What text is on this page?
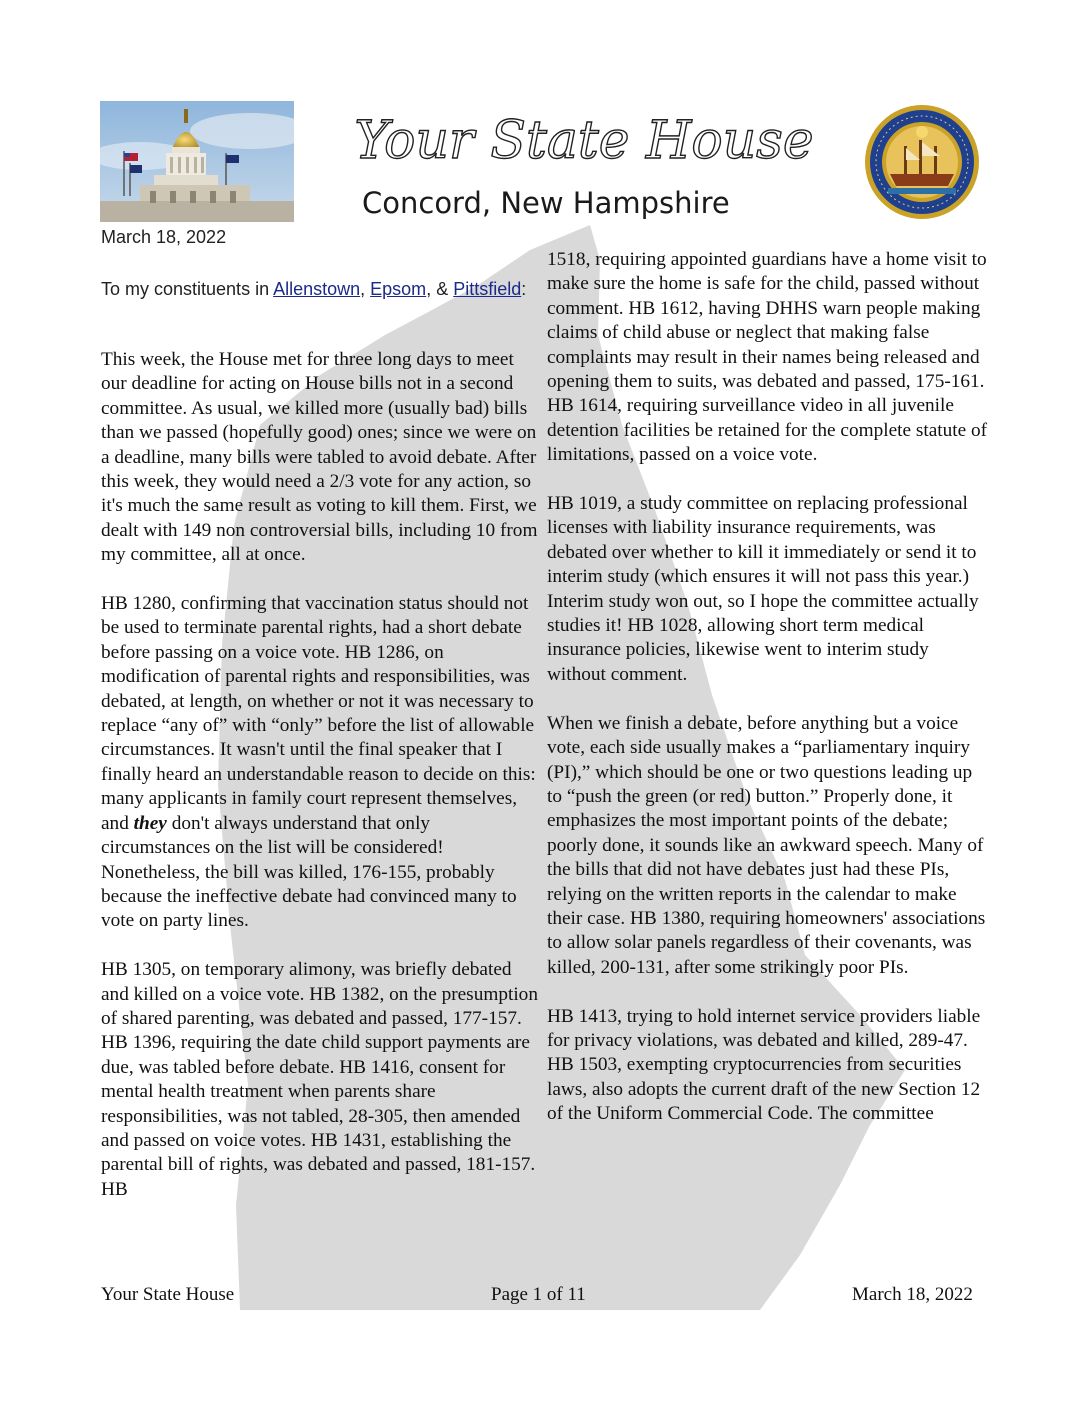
Your State House
Concord, New Hampshire
March 18, 2022
To my constituents in Allenstown, Epsom, & Pittsfield:

This week, the House met for three long days to meet our deadline for acting on House bills not in a second committee. As usual, we killed more (usually bad) bills than we passed (hopefully good) ones; since we were on a deadline, many bills were tabled to avoid debate. After this week, they would need a 2/3 vote for any action, so it's much the same result as voting to kill them. First, we dealt with 149 non controversial bills, including 10 from my committee, all at once.

HB 1280, confirming that vaccination status should not be used to terminate parental rights, had a short debate before passing on a voice vote. HB 1286, on modification of parental rights and responsibilities, was debated, at length, on whether or not it was necessary to replace “any of” with “only” before the list of allowable circumstances. It wasn't until the final speaker that I finally heard an understandable reason to decide on this: many applicants in family court represent themselves, and they don't always understand that only circumstances on the list will be considered! Nonetheless, the bill was killed, 176-155, probably because the ineffective debate had convinced many to vote on party lines.

HB 1305, on temporary alimony, was briefly debated and killed on a voice vote. HB 1382, on the presumption of shared parenting, was debated and passed, 177-157. HB 1396, requiring the date child support payments are due, was tabled before debate. HB 1416, consent for mental health treatment when parents share responsibilities, was not tabled, 28-305, then amended and passed on voice votes. HB 1431, establishing the parental bill of rights, was debated and passed, 181-157. HB

1518, requiring appointed guardians have a home visit to make sure the home is safe for the child, passed without comment. HB 1612, having DHHS warn people making claims of child abuse or neglect that making false complaints may result in their names being released and opening them to suits, was debated and passed, 175-161. HB 1614, requiring surveillance video in all juvenile detention facilities be retained for the complete statute of limitations, passed on a voice vote.

HB 1019, a study committee on replacing professional licenses with liability insurance requirements, was debated over whether to kill it immediately or send it to interim study (which ensures it will not pass this year.) Interim study won out, so I hope the committee actually studies it! HB 1028, allowing short term medical insurance policies, likewise went to interim study without comment.

When we finish a debate, before anything but a voice vote, each side usually makes a “parliamentary inquiry (PI),” which should be one or two questions leading up to “push the green (or red) button.” Properly done, it emphasizes the most important points of the debate; poorly done, it sounds like an awkward speech. Many of the bills that did not have debates just had these PIs, relying on the written reports in the calendar to make their case. HB 1380, requiring homeowners' associations to allow solar panels regardless of their covenants, was killed, 200-131, after some strikingly poor PIs.

HB 1413, trying to hold internet service providers liable for privacy violations, was debated and killed, 289-47. HB 1503, exempting cryptocurrencies from securities laws, also adopts the current draft of the new Section 12 of the Uniform Commercial Code. The committee

Your State House	Page 1 of 11	March 18, 2022
